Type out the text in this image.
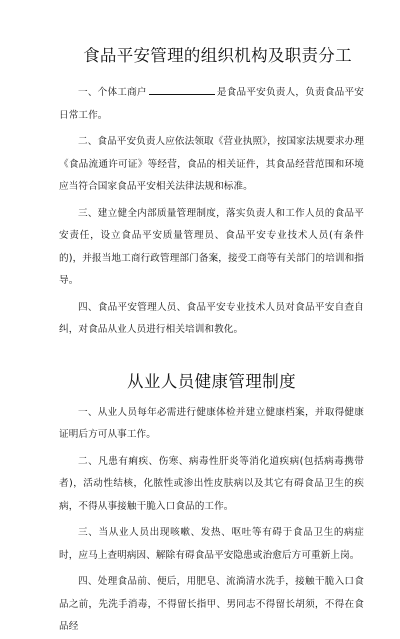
食品平安管理的组织机构及职责分工

一、个体工商户	是食品平安负责人，负责食品平安日常工作。

二、食品平安负责人应依法领取《营业执照》，按国家法规要求办理《食品流通许可证》等经营，食品的相关证件，其食品经营范围和环境应当符合国家食品平安相关法律法规和标准。

三、建立健全内部质量管理制度，落实负责人和工作人员的食品平安责任，设立食品平安质量管理员、食品平安专业技术人员(有条件的)，并报当地工商行政管理部门备案，接受工商等有关部门的培训和指导。

四、食品平安管理人员、食品平安专业技术人员对食品平安自查自纠，对食品从业人员进行相关培训和教化。

从业人员健康管理制度

一、从业人员每年必需进行健康体检并建立健康档案，并取得健康证明后方可从事工作。

二、凡患有痢疾、伤寒、病毒性肝炎等消化道疾病(包括病毒携带者)，活动性结核，化脓性或渗出性皮肤病以及其它有碍食品卫生的疾病，不得从事接触干脆入口食品的工作。

三、当从业人员出现咳嗽、发热、呕吐等有碍于食品卫生的病症时，应马上查明病因、解除有碍食品平安隐患或治愈后方可重新上岗。

四、处理食品前、便后，用肥皂、流淌清水洗手，接触干脆入口食品之前，先洗手消毒，不得留长指甲、男同志不得留长胡须，不得在食品经
